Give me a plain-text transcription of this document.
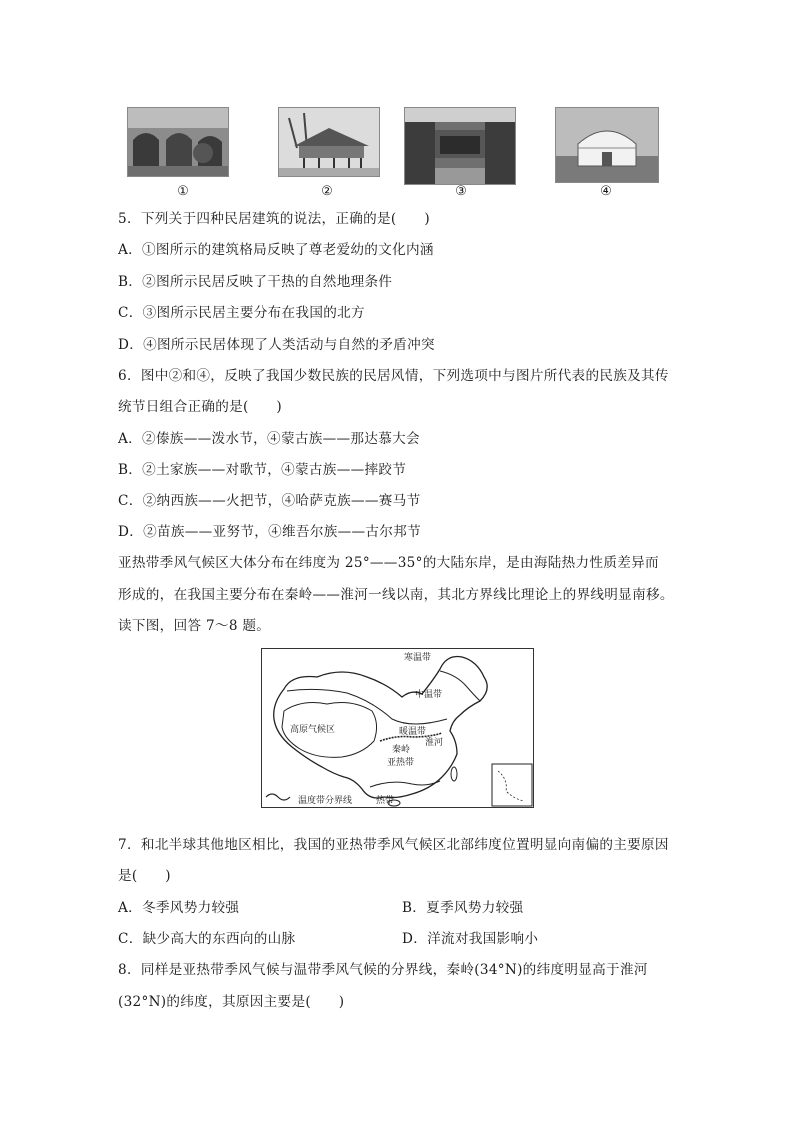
①	②	③	④
5．下列关于四种民居建筑的说法，正确的是(　　)
A．①图所示的建筑格局反映了尊老爱幼的文化内涵
B．②图所示民居反映了干热的自然地理条件
C．③图所示民居主要分布在我国的北方
D．④图所示民居体现了人类活动与自然的矛盾冲突
6．图中②和④，反映了我国少数民族的民居风情，下列选项中与图片所代表的民族及其传
统节日组合正确的是(　　)
A．②傣族——泼水节，④蒙古族——那达慕大会
B．②土家族——对歌节，④蒙古族——摔跤节
C．②纳西族——火把节，④哈萨克族——赛马节
D．②苗族——亚努节，④维吾尔族——古尔邦节
亚热带季风气候区大体分布在纬度为 25°——35°的大陆东岸，是由海陆热力性质差异而
形成的，在我国主要分布在秦岭——淮河一线以南，其北方界线比理论上的界线明显南移。
读下图，回答 7～8 题。
寒温带
中温带
高原气候区	暖温带
秦岭
淮河
亚热带
热带
温度带分界线
7．和北半球其他地区相比，我国的亚热带季风气候区北部纬度位置明显向南偏的主要原因
是(　　)
A．冬季风势力较强	B．夏季风势力较强
C．缺少高大的东西向的山脉	D．洋流对我国影响小
8．同样是亚热带季风气候与温带季风气候的分界线，秦岭(34°N)的纬度明显高于淮河
(32°N)的纬度，其原因主要是(　　)
